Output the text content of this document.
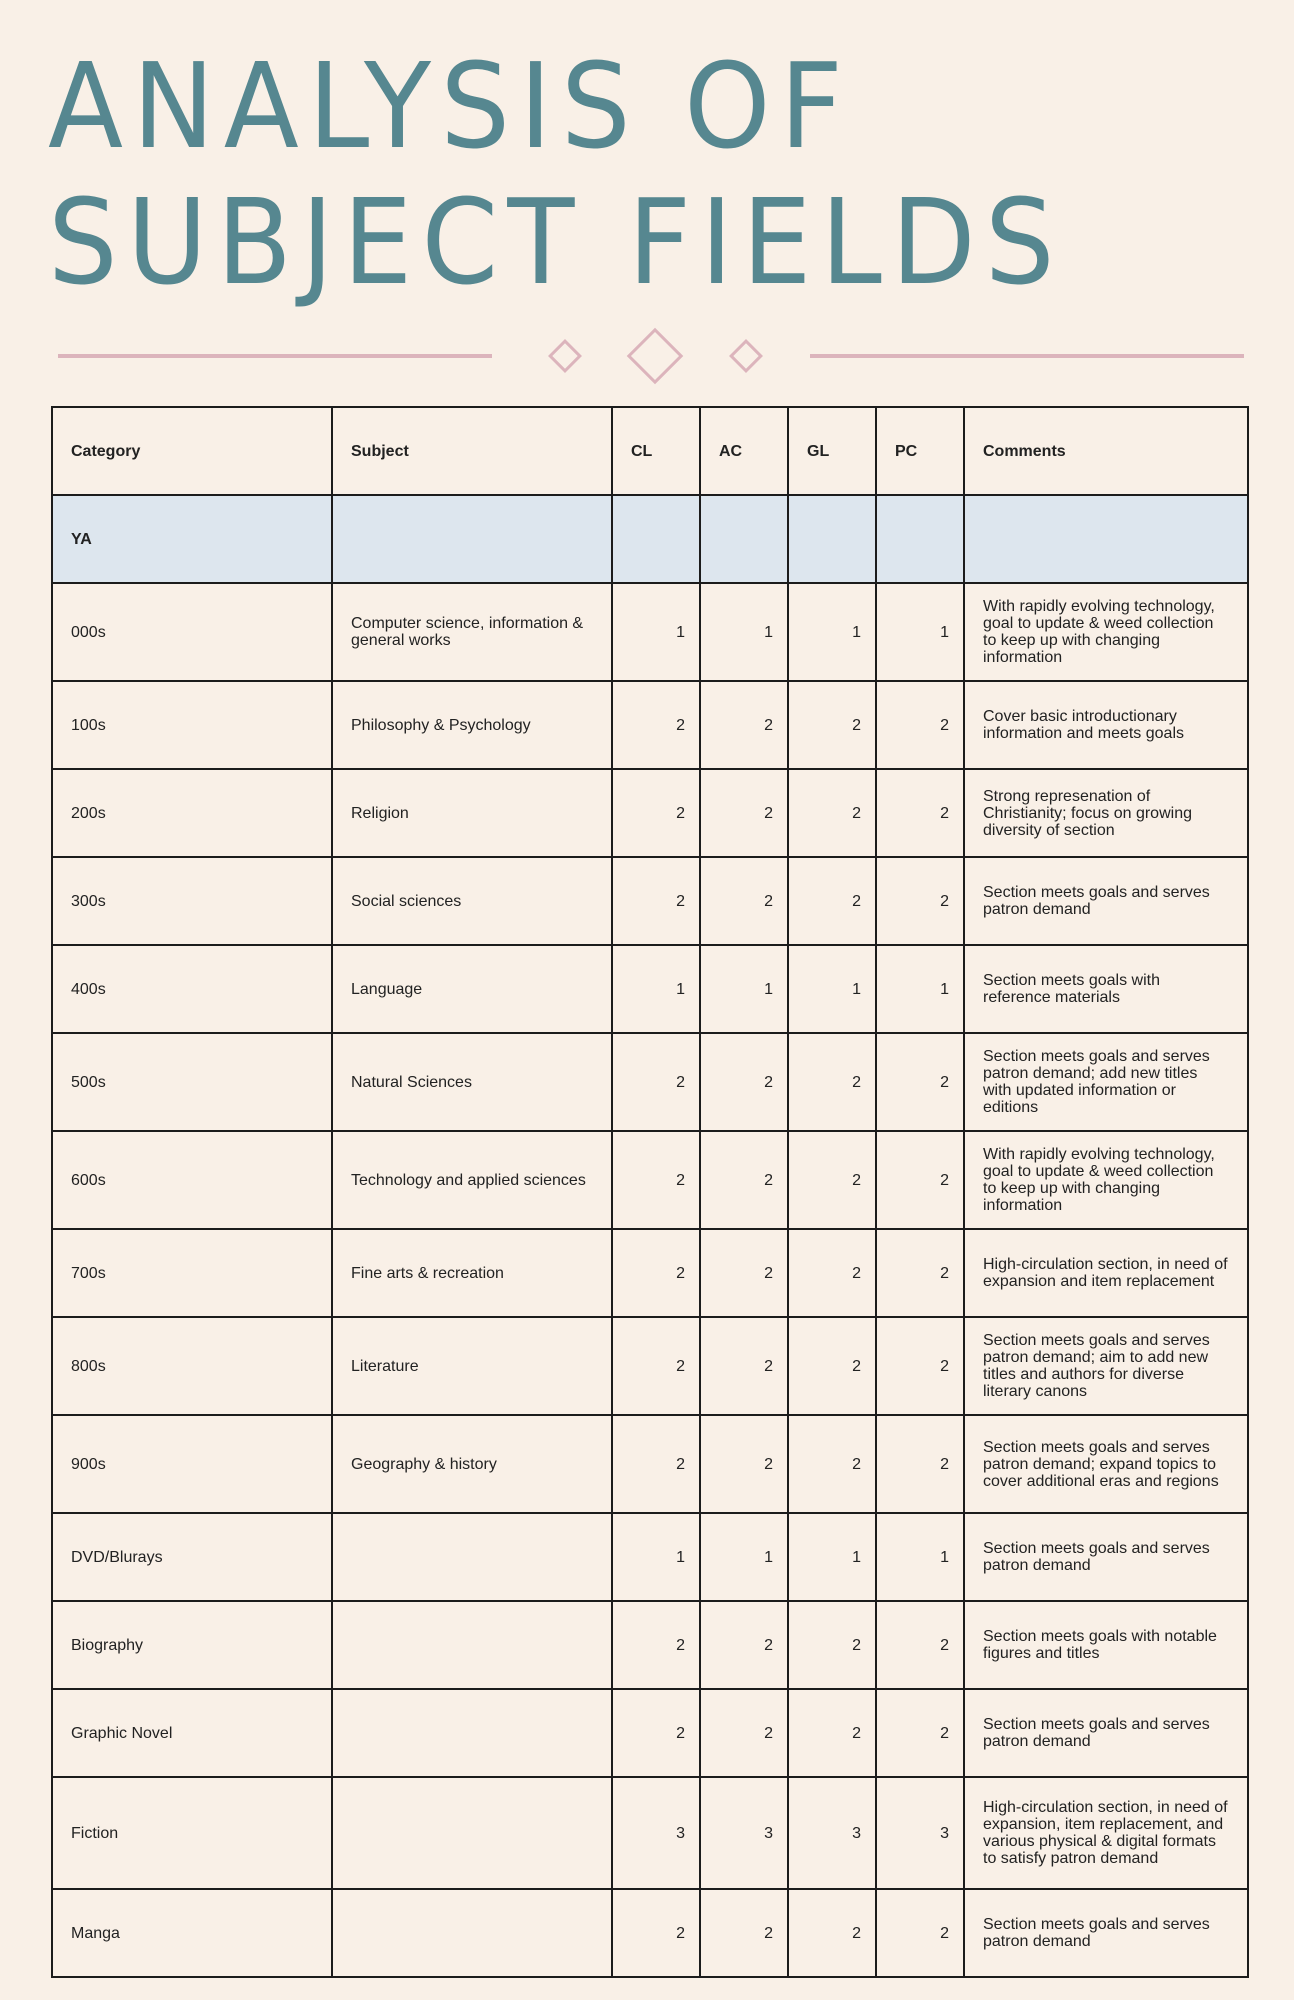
ANALYSIS OF
SUBJECT FIELDS
Category	Subject	CL	AC	GL	PC	Comments
YA						
000s	Computer science, information & general works	1	1	1	1	With rapidly evolving technology, goal to update & weed collection to keep up with changing information
100s	Philosophy & Psychology	2	2	2	2	Cover basic introductionary information and meets goals
200s	Religion	2	2	2	2	Strong represenation of Christianity; focus on growing diversity of section
300s	Social sciences	2	2	2	2	Section meets goals and serves patron demand
400s	Language	1	1	1	1	Section meets goals with reference materials
500s	Natural Sciences	2	2	2	2	Section meets goals and serves patron demand; add new titles with updated information or editions
600s	Technology and applied sciences	2	2	2	2	With rapidly evolving technology, goal to update & weed collection to keep up with changing information
700s	Fine arts & recreation	2	2	2	2	High-circulation section, in need of expansion and item replacement
800s	Literature	2	2	2	2	Section meets goals and serves patron demand; aim to add new titles and authors for diverse literary canons
900s	Geography & history	2	2	2	2	Section meets goals and serves patron demand; expand topics to cover additional eras and regions
DVD/Blurays		1	1	1	1	Section meets goals and serves patron demand
Biography		2	2	2	2	Section meets goals with notable figures and titles
Graphic Novel		2	2	2	2	Section meets goals and serves patron demand
Fiction		3	3	3	3	High-circulation section, in need of expansion, item replacement, and various physical & digital formats to satisfy patron demand
Manga		2	2	2	2	Section meets goals and serves patron demand
